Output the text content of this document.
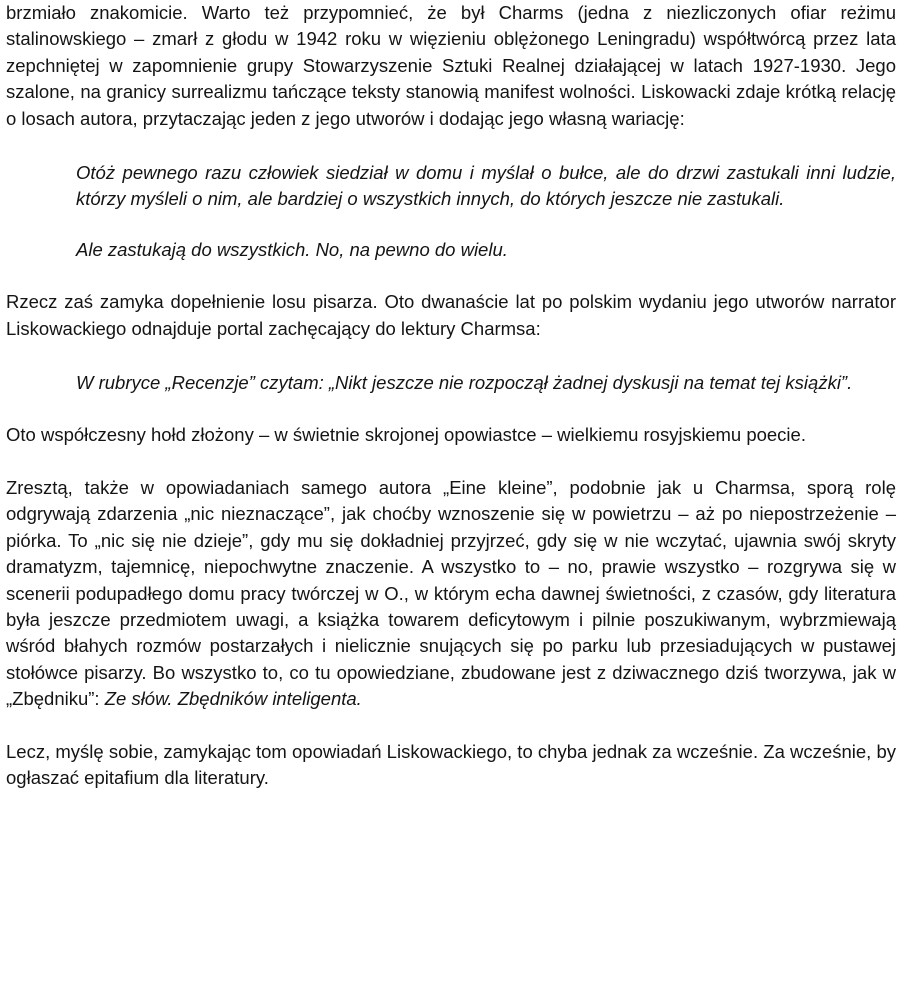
brzmiało znakomicie. Warto też przypomnieć, że był Charms (jedna z niezliczonych ofiar reżimu stalinowskiego – zmarł z głodu w 1942 roku w więzieniu oblężonego Leningradu) współtwórcą przez lata zepchniętej w zapomnienie grupy Stowarzyszenie Sztuki Realnej działającej w latach 1927-1930. Jego szalone, na granicy surrealizmu tańczące teksty stanowią manifest wolności. Liskowacki zdaje krótką relację o losach autora, przytaczając jeden z jego utworów i dodając jego własną wariację:

Otóż pewnego razu człowiek siedział w domu i myślał o bułce, ale do drzwi zastukali inni ludzie, którzy myśleli o nim, ale bardziej o wszystkich innych, do których jeszcze nie zastukali.

Ale zastukają do wszystkich. No, na pewno do wielu.

Rzecz zaś zamyka dopełnienie losu pisarza. Oto dwanaście lat po polskim wydaniu jego utworów narrator Liskowackiego odnajduje portal zachęcający do lektury Charmsa:

W rubryce „Recenzje” czytam: „Nikt jeszcze nie rozpoczął żadnej dyskusji na temat tej książki”.

Oto współczesny hołd złożony – w świetnie skrojonej opowiastce – wielkiemu rosyjskiemu poecie.

Zresztą, także w opowiadaniach samego autora „Eine kleine”, podobnie jak u Charmsa, sporą rolę odgrywają zdarzenia „nic nieznaczące”, jak choćby wznoszenie się w powietrzu – aż po niepostrzeżenie – piórka. To „nic się nie dzieje”, gdy mu się dokładniej przyjrzeć, gdy się w nie wczytać, ujawnia swój skryty dramatyzm, tajemnicę, niepochwytne znaczenie. A wszystko to – no, prawie wszystko – rozgrywa się w scenerii podupadłego domu pracy twórczej w O., w którym echa dawnej świetności, z czasów, gdy literatura była jeszcze przedmiotem uwagi, a książka towarem deficytowym i pilnie poszukiwanym, wybrzmiewają wśród błahych rozmów postarzałych i nielicznie snujących się po parku lub przesiadujących w pustawej stołówce pisarzy. Bo wszystko to, co tu opowiedziane, zbudowane jest z dziwacznego dziś tworzywa, jak w „Zbędniku”: Ze słów. Zbędników inteligenta.

Lecz, myślę sobie, zamykając tom opowiadań Liskowackiego, to chyba jednak za wcześnie. Za wcześnie, by ogłaszać epitafium dla literatury.
